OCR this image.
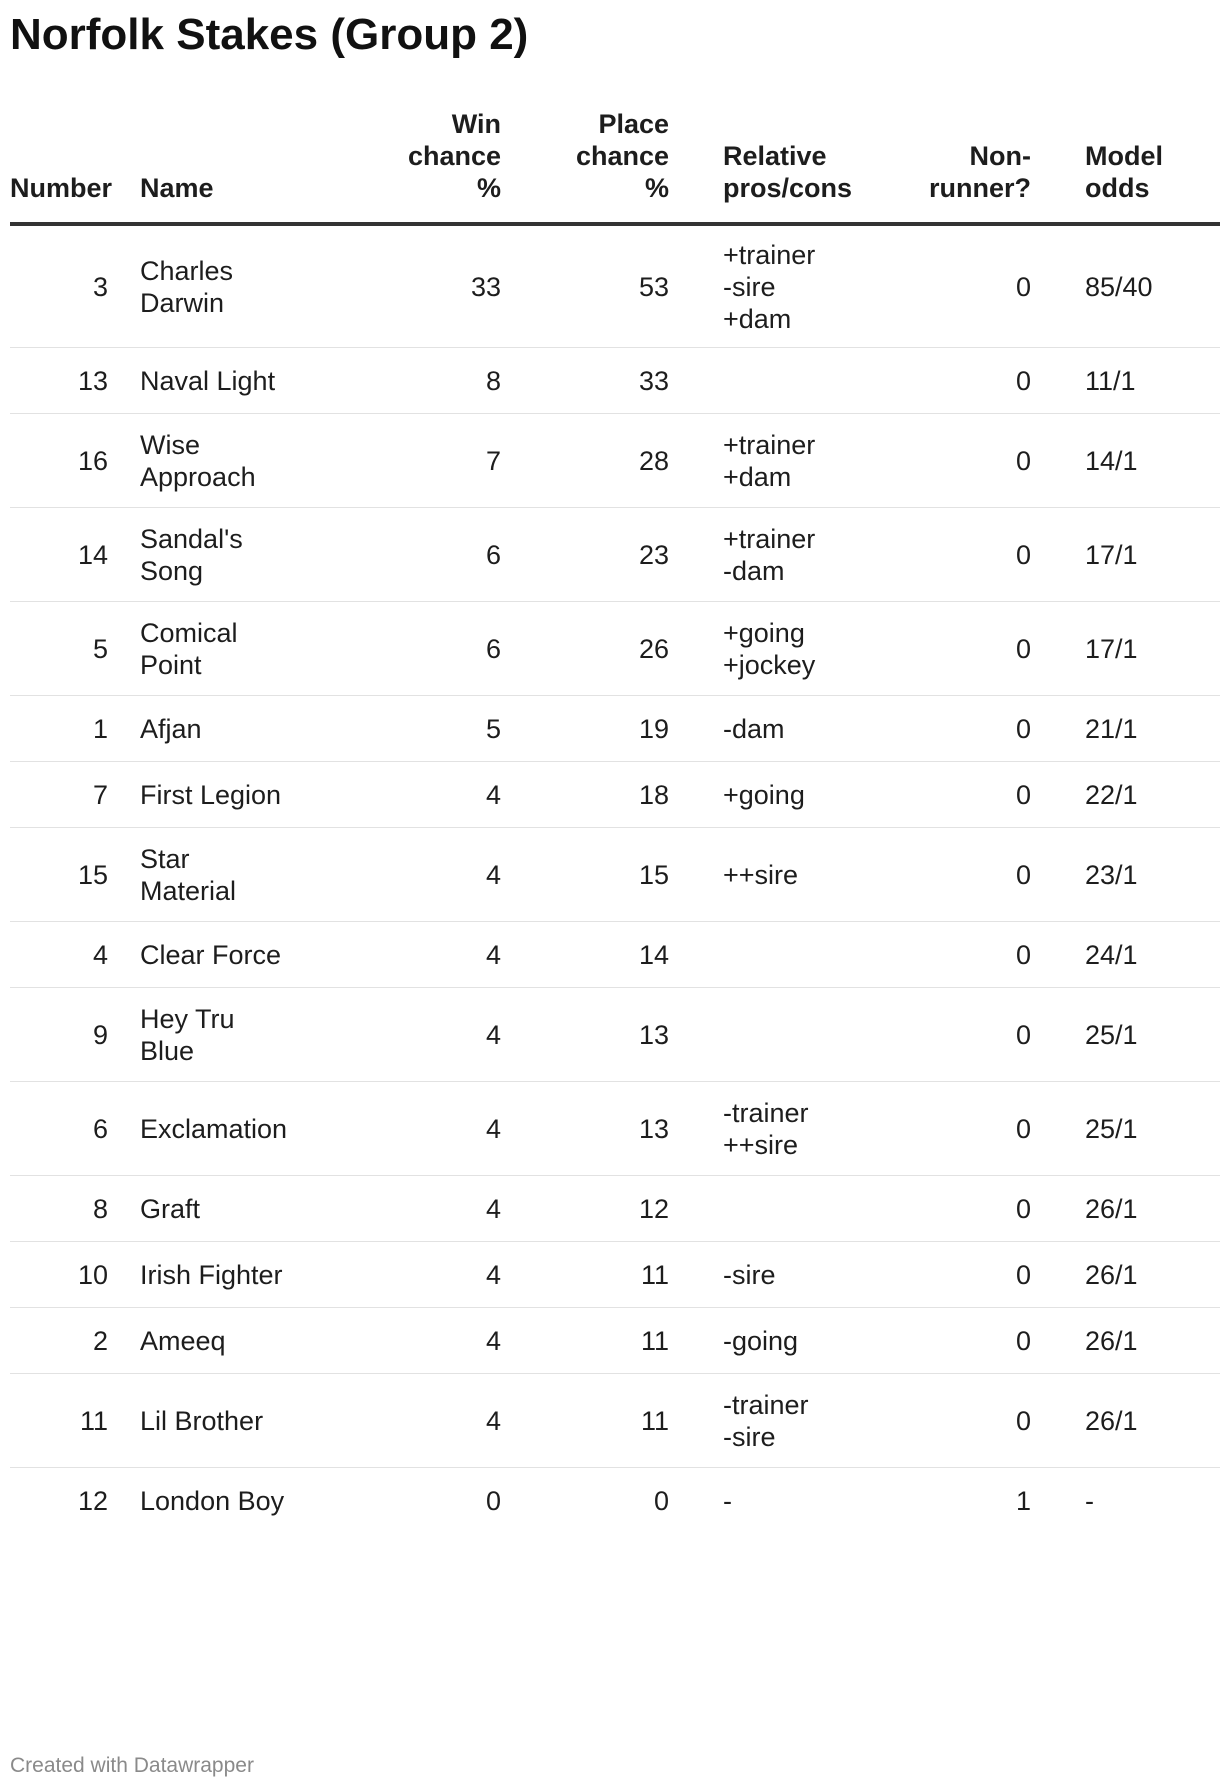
Norfolk Stakes (Group 2)
Number	Name	Win
chance
%	Place
chance
%	Relative
pros/cons	Non-
runner?	Model
odds

3	Charles
Darwin	33	53	+trainer
-sire
+dam	0	85/40
13	Naval Light	8	33		0	11/1
16	Wise
Approach	7	28	+trainer
+dam	0	14/1
14	Sandal's
Song	6	23	+trainer
-dam	0	17/1
5	Comical
Point	6	26	+going
+jockey	0	17/1
1	Afjan	5	19	-dam	0	21/1
7	First Legion	4	18	+going	0	22/1
15	Star
Material	4	15	++sire	0	23/1
4	Clear Force	4	14		0	24/1
9	Hey Tru
Blue	4	13		0	25/1
6	Exclamation	4	13	-trainer
++sire	0	25/1
8	Graft	4	12		0	26/1
10	Irish Fighter	4	11	-sire	0	26/1
2	Ameeq	4	11	-going	0	26/1
11	Lil Brother	4	11	-trainer
-sire	0	26/1
12	London Boy	0	0	-	1	-
Created with Datawrapper
